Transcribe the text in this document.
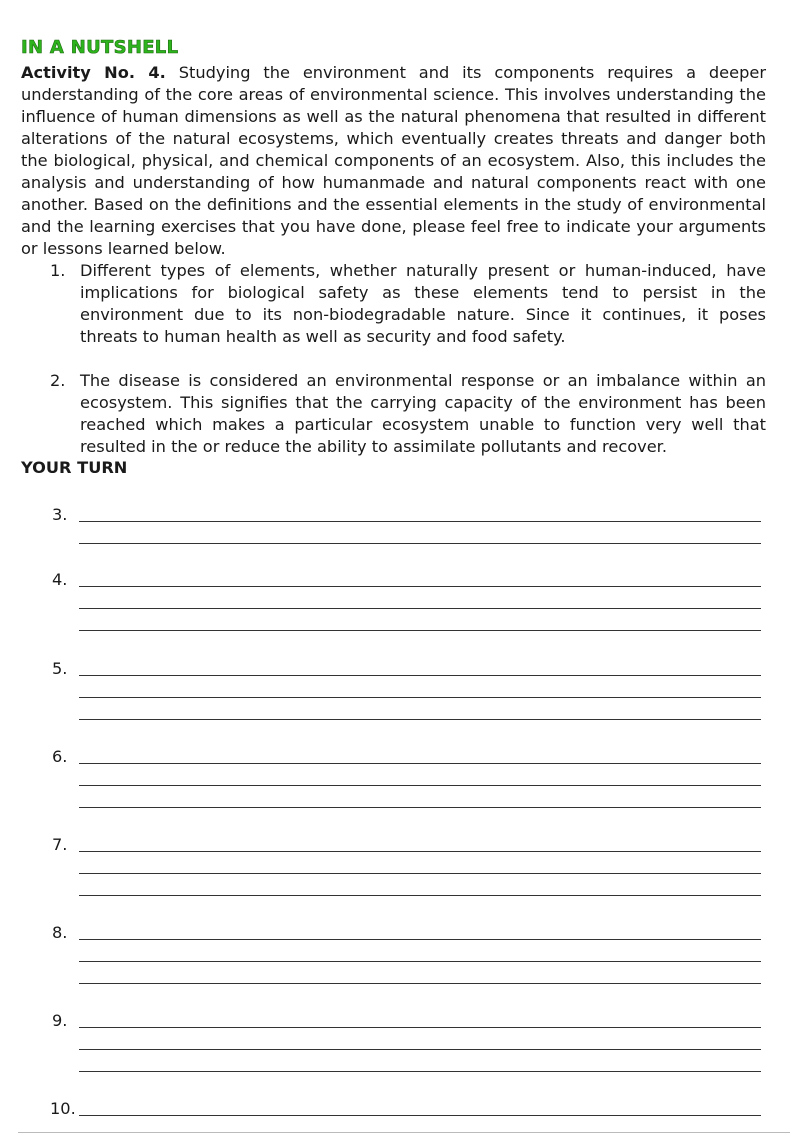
IN A NUTSHELL
Activity No. 4. Studying the environment and its components requires a deeper understanding of the core areas of environmental science. This involves understanding the influence of human dimensions as well as the natural phenomena that resulted in different alterations of the natural ecosystems, which eventually creates threats and danger both the biological, physical, and chemical components of an ecosystem. Also, this includes the analysis and understanding of how humanmade and natural components react with one another. Based on the definitions and the essential elements in the study of environmental and the learning exercises that you have done, please feel free to indicate your arguments or lessons learned below.
1. Different types of elements, whether naturally present or human-induced, have implications for biological safety as these elements tend to persist in the environment due to its non-biodegradable nature. Since it continues, it poses threats to human health as well as security and food safety.
2. The disease is considered an environmental response or an imbalance within an ecosystem. This signifies that the carrying capacity of the environment has been reached which makes a particular ecosystem unable to function very well that resulted in the or reduce the ability to assimilate pollutants and recover.
YOUR TURN
3.
4.
5.
6.
7.
8.
9.
10.
